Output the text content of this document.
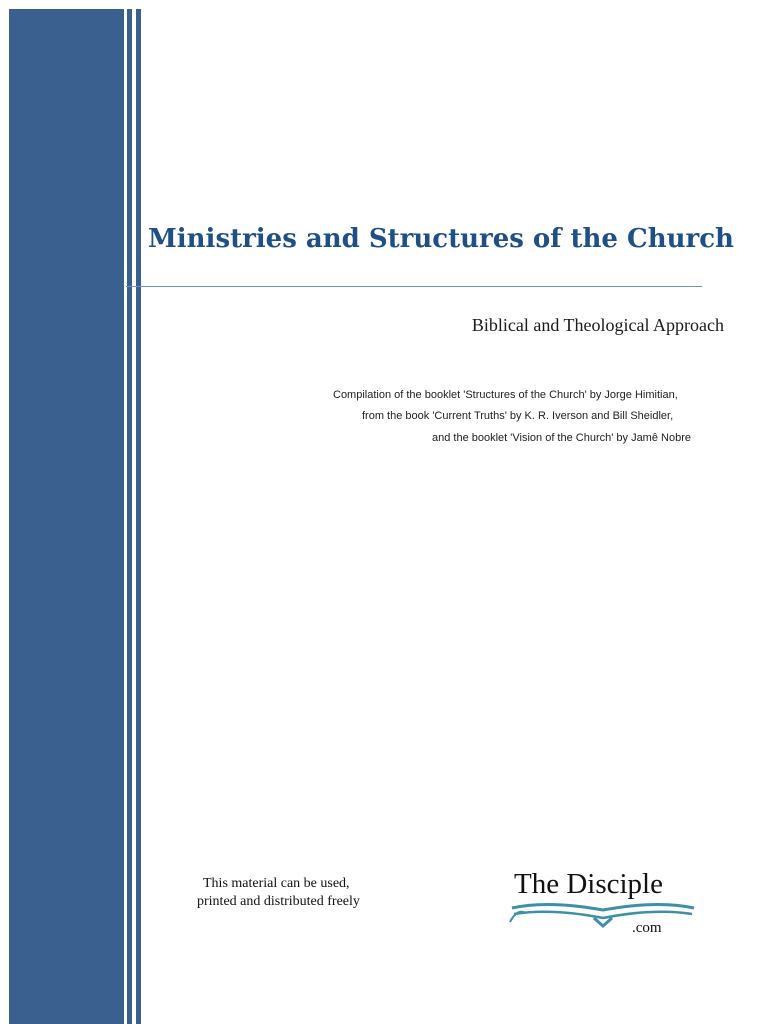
Ministries and Structures of the Church
Biblical and Theological Approach
Compilation of the booklet 'Structures of the Church' by Jorge Himitian,
from the book 'Current Truths' by K. R. Iverson and Bill Sheidler,
and the booklet 'Vision of the Church' by Jamê Nobre
This material can be used,
printed and distributed freely
The Disciple
.com
